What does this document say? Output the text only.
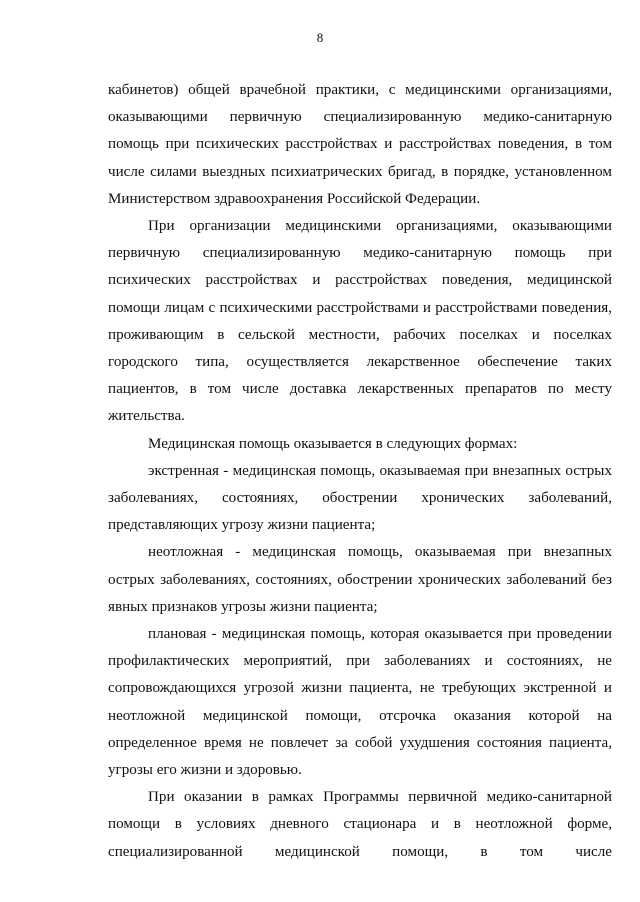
8

кабинетов) общей врачебной практики, с медицинскими организациями, оказывающими первичную специализированную медико-санитарную помощь при психических расстройствах и расстройствах поведения, в том числе силами выездных психиатрических бригад, в порядке, установленном Министерством здравоохранения Российской Федерации.

При организации медицинскими организациями, оказывающими первичную специализированную медико-санитарную помощь при психических расстройствах и расстройствах поведения, медицинской помощи лицам с психическими расстройствами и расстройствами поведения, проживающим в сельской местности, рабочих поселках и поселках городского типа, осуществляется лекарственное обеспечение таких пациентов, в том числе доставка лекарственных препаратов по месту жительства.

Медицинская помощь оказывается в следующих формах:

экстренная - медицинская помощь, оказываемая при внезапных острых заболеваниях, состояниях, обострении хронических заболеваний, представляющих угрозу жизни пациента;

неотложная - медицинская помощь, оказываемая при внезапных острых заболеваниях, состояниях, обострении хронических заболеваний без явных признаков угрозы жизни пациента;

плановая - медицинская помощь, которая оказывается при проведении профилактических мероприятий, при заболеваниях и состояниях, не сопровождающихся угрозой жизни пациента, не требующих экстренной и неотложной медицинской помощи, отсрочка оказания которой на определенное время не повлечет за собой ухудшения состояния пациента, угрозы его жизни и здоровью.

При оказании в рамках Программы первичной медико-санитарной помощи в условиях дневного стационара и в неотложной форме, специализированной медицинской помощи, в том числе
